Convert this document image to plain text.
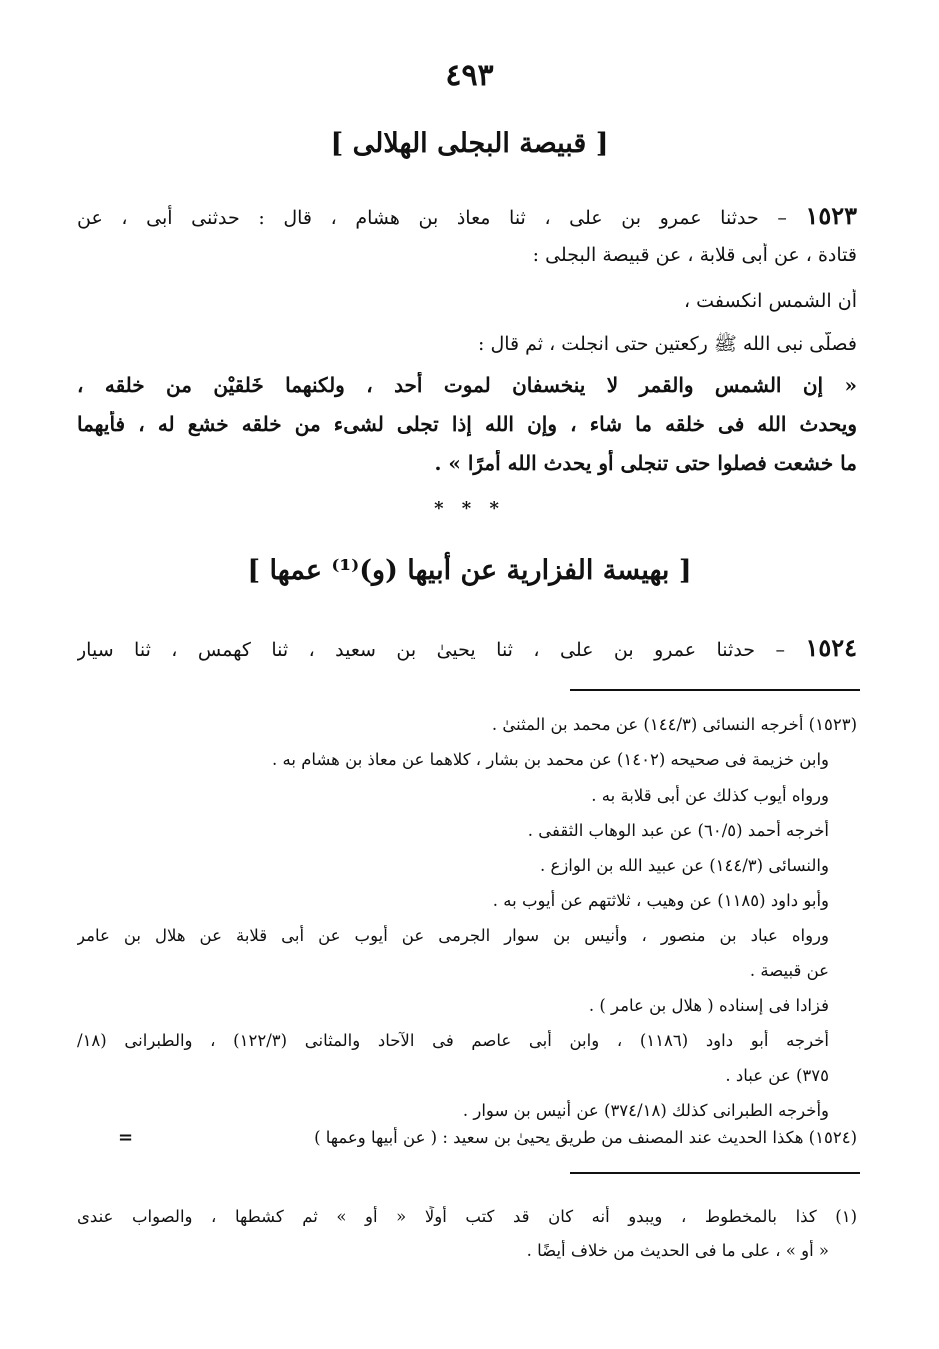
٤٩٣
[ قبيصة البجلى الهلالى ]
١٥٢٣ – حدثنا عمرو بن على ، ثنا معاذ بن هشام ، قال : حدثنى أبى ، عن
قتادة ، عن أبى قلابة ، عن قبيصة البجلى :
أن الشمس انكسفت ،
فصلّى نبى الله ﷺ ركعتين حتى انجلت ، ثم قال :
« إن الشمس والقمر لا ينخسفان لموت أحد ، ولكنهما خَلقيْن من خلقه ،
ويحدث الله فى خلقه ما شاء ، وإن الله إذا تجلى لشىء من خلقه خشع له ، فأيهما
ما خشعت فصلوا حتى تنجلى أو يحدث الله أمرًا » .
* * *
[ بهيسة الفزارية عن أبيها (و)⁽¹⁾ عمها ]
١٥٢٤ – حدثنا عمرو بن على ، ثنا يحيىٰ بن سعيد ، ثنا كهمس ، ثنا سيار
(١٥٢٣) أخرجه النسائى (١٤٤/٣) عن محمد بن المثنىٰ .
وابن خزيمة فى صحيحه (١٤٠٢) عن محمد بن بشار ، كلاهما عن معاذ بن هشام به .
ورواه أيوب كذلك عن أبى قلابة به .
أخرجه أحمد (٦٠/٥) عن عبد الوهاب الثقفى .
والنسائى (١٤٤/٣) عن عبيد الله بن الوازع .
وأبو داود (١١٨٥) عن وهيب ، ثلاثتهم عن أيوب به .
ورواه عباد بن منصور ، وأنيس بن سوار الجرمى عن أيوب عن أبى قلابة عن هلال بن عامر
عن قبيصة .
فزادا فى إسناده ( هلال بن عامر ) .
أخرجه أبو داود (١١٨٦) ، وابن أبى عاصم فى الآحاد والمثانى (١٢٢/٣) ، والطبرانى (١٨/
٣٧٥) عن عباد .
وأخرجه الطبرانى كذلك (٣٧٤/١٨) عن أنيس بن سوار .
(١٥٢٤) هكذا الحديث عند المصنف من طريق يحيىٰ بن سعيد : ( عن أبيها وعمها )
=
(١) كذا بالمخطوط ، ويبدو أنه كان قد كتب أولًا « أو » ثم كشطها ، والصواب عندى
« أو » ، على ما فى الحديث من خلاف أيضًا .
